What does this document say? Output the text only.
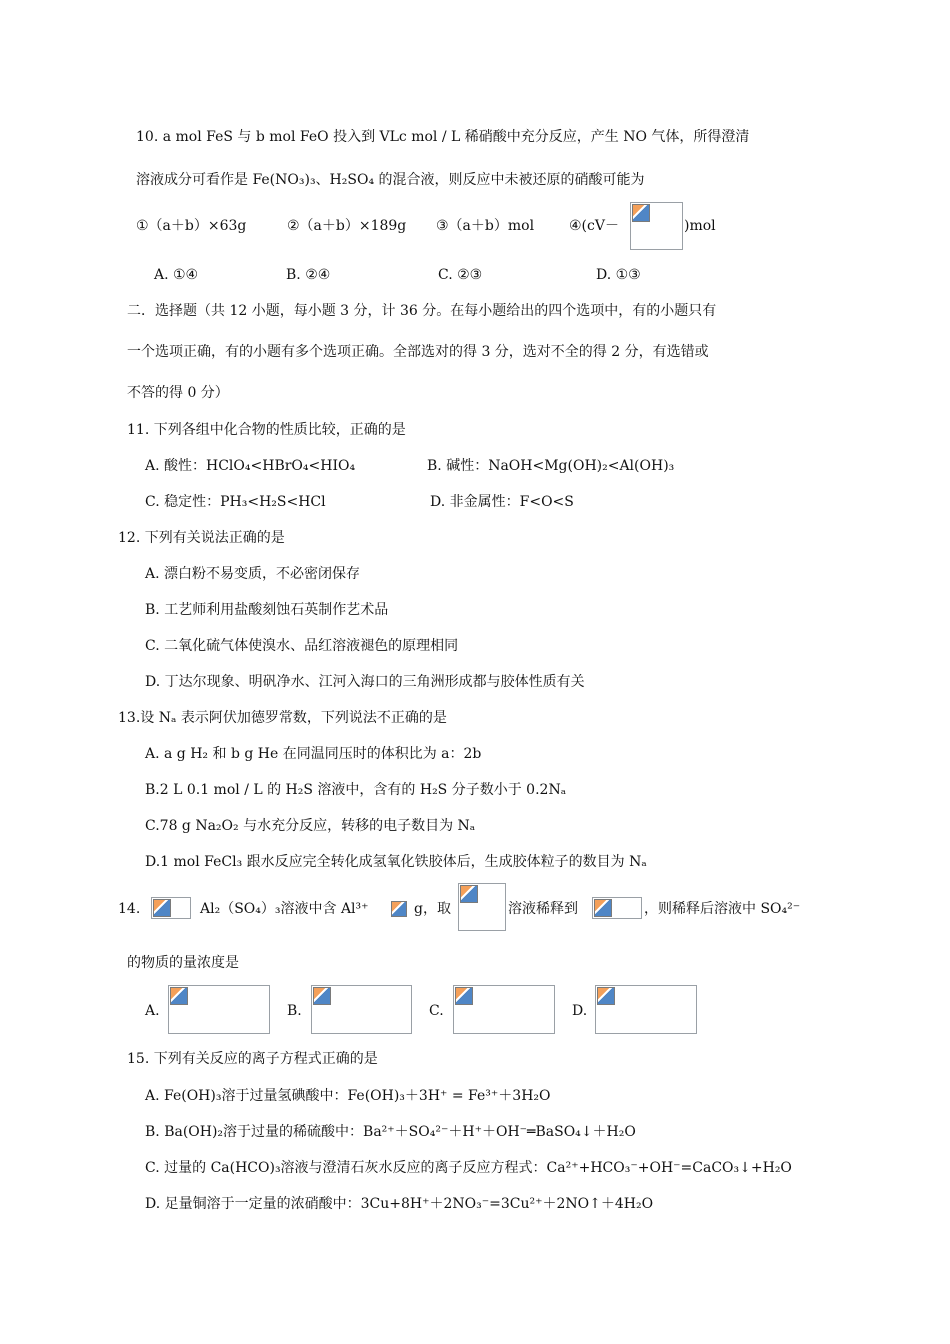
10. a mol FeS 与 b mol FeO 投入到 VLc mol / L 稀硝酸中充分反应，产生 NO 气体，所得澄清
溶液成分可看作是 Fe(NO₃)₃、H₂SO₄ 的混合液，则反应中未被还原的硝酸可能为
①（a＋b）×63g	②（a＋b）×189g ③（a＋b）mol ④(cV－	)mol
A. ①④	B. ②④	C. ②③	D. ①③
二．选择题（共 12 小题，每小题 3 分，计 36 分。在每小题给出的四个选项中，有的小题只有
一个选项正确，有的小题有多个选项正确。全部选对的得 3 分，选对不全的得 2 分，有选错或
不答的得 0 分）
11. 下列各组中化合物的性质比较，正确的是
A. 酸性：HClO₄<HBrO₄<HIO₄	B. 碱性：NaOH<Mg(OH)₂<Al(OH)₃
C. 稳定性：PH₃<H₂S<HCl	D. 非金属性：F<O<S
12. 下列有关说法正确的是
A. 漂白粉不易变质，不必密闭保存
B. 工艺师利用盐酸刻蚀石英制作艺术品
C. 二氧化硫气体使溴水、品红溶液褪色的原理相同
D. 丁达尔现象、明矾净水、江河入海口的三角洲形成都与胶体性质有关
13.设 Nₐ 表示阿伏加德罗常数，下列说法不正确的是
A. a g H₂ 和 b g He 在同温同压时的体积比为 a：2b
B.2 L 0.1 mol / L 的 H₂S 溶液中，含有的 H₂S 分子数小于 0.2Nₐ
C.78 g Na₂O₂ 与水充分反应，转移的电子数目为 Nₐ
D.1 mol FeCl₃ 跟水反应完全转化成氢氧化铁胶体后，生成胶体粒子的数目为 Nₐ
14.	Al₂（SO₄）₃溶液中含 Al³⁺	g，取	溶液稀释到	，则稀释后溶液中 SO₄²⁻
的物质的量浓度是
A.	B.	C.	D.
15. 下列有关反应的离子方程式正确的是
A. Fe(OH)₃溶于过量氢碘酸中：Fe(OH)₃＋3H⁺ = Fe³⁺＋3H₂O
B. Ba(OH)₂溶于过量的稀硫酸中：Ba²⁺＋SO₄²⁻＋H⁺＋OH⁻═BaSO₄↓＋H₂O
C. 过量的 Ca(HCO)₃溶液与澄清石灰水反应的离子反应方程式：Ca²⁺+HCO₃⁻+OH⁻=CaCO₃↓+H₂O
D. 足量铜溶于一定量的浓硝酸中：3Cu+8H⁺＋2NO₃⁻=3Cu²⁺＋2NO↑＋4H₂O
